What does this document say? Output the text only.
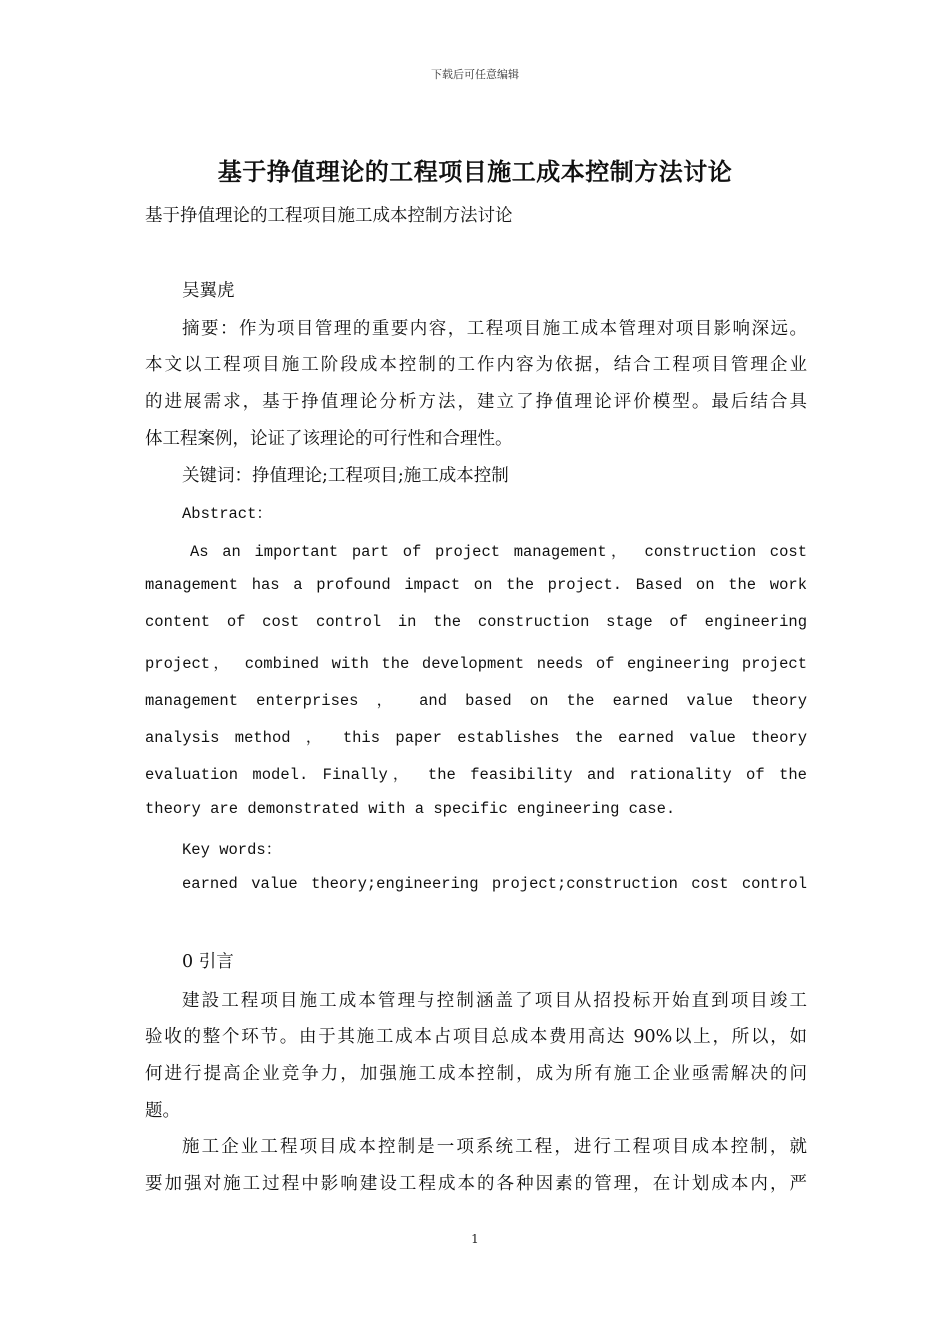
下载后可任意编辑
基于挣值理论的工程项目施工成本控制方法讨论
基于挣值理论的工程项目施工成本控制方法讨论
吴翼虎
摘要：作为项目管理的重要内容，工程项目施工成本管理对项目影响深远。
本文以工程项目施工阶段成本控制的工作内容为依据，结合工程项目管理企业
的进展需求，基于挣值理论分析方法，建立了挣值理论评价模型。最后结合具
体工程案例，论证了该理论的可行性和合理性。
关键词：挣值理论;工程项目;施工成本控制
Abstract：
As an important part of project management， construction cost
management has a profound impact on the project. Based on the work
content of cost control in the construction stage of engineering
project， combined with the development needs of engineering project
management enterprises ， and based on the earned value theory
analysis method ， this paper establishes the earned value theory
evaluation model. Finally， the feasibility and rationality of the
theory are demonstrated with a specific engineering case.
Key words：
earned value theory;engineering project;construction cost control
0 引言
建設工程项目施工成本管理与控制涵盖了项目从招投标开始直到项目竣工
验收的整个环节。由于其施工成本占项目总成本费用高达 90%以上，所以，如
何进行提高企业竞争力，加强施工成本控制，成为所有施工企业亟需解决的问
题。
施工企业工程项目成本控制是一项系统工程，进行工程项目成本控制，就
要加强对施工过程中影响建设工程成本的各种因素的管理，在计划成本内，严
1
